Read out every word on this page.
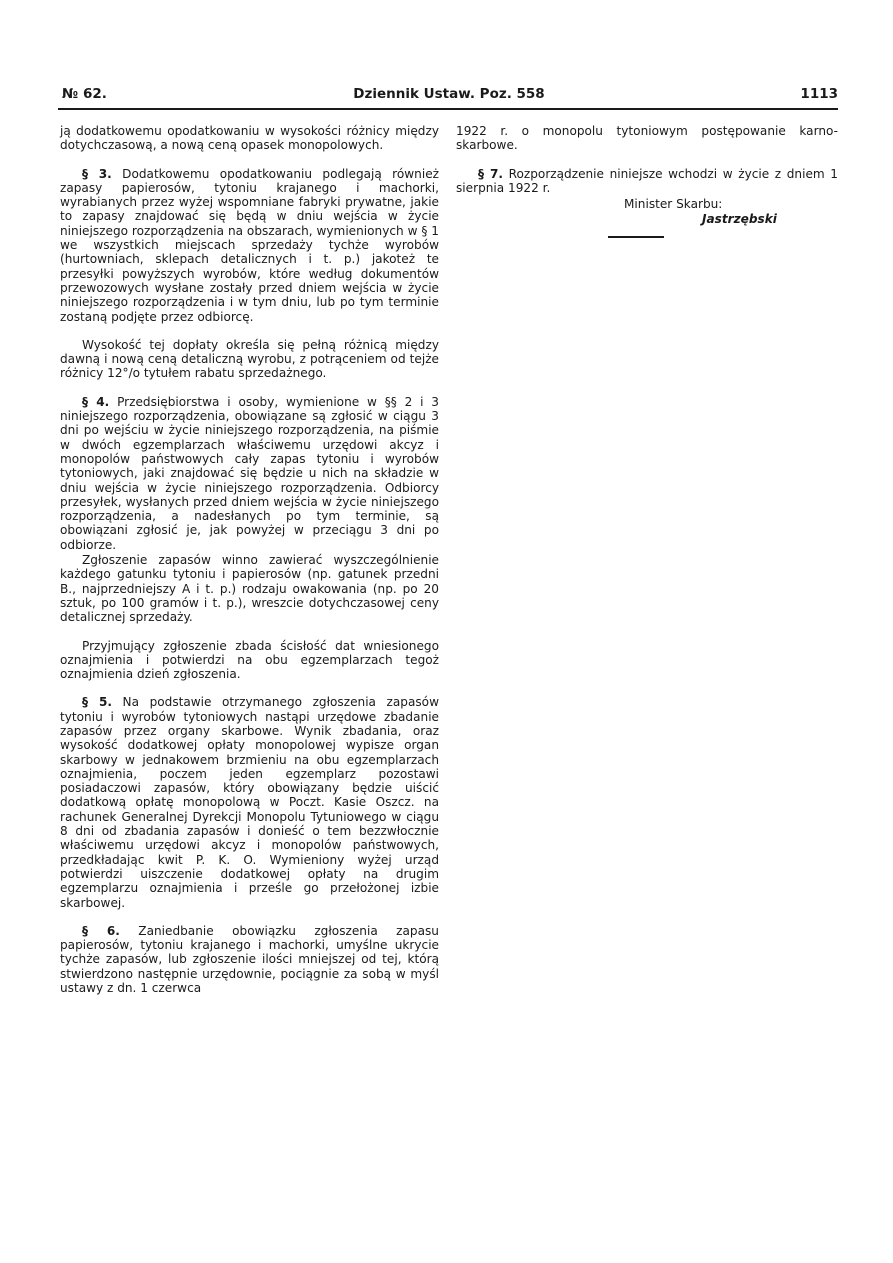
№ 62.	Dziennik Ustaw. Poz. 558	1113

ją dodatkowemu opodatkowaniu w wysokości różnicy między dotychczasową, a nową ceną opasek monopolowych.

§ 3. Dodatkowemu opodatkowaniu podlegają również zapasy papierosów, tytoniu krajanego i machorki, wyrabianych przez wyżej wspomniane fabryki prywatne, jakie to zapasy znajdować się będą w dniu wejścia w życie niniejszego rozporządzenia na obszarach, wymienionych w § 1 we wszystkich miejscach sprzedaży tychże wyrobów (hurtowniach, sklepach detalicznych i t. p.) jakoteż te przesyłki powyższych wyrobów, które według dokumentów przewozowych wysłane zostały przed dniem wejścia w życie niniejszego rozporządzenia i w tym dniu, lub po tym terminie zostaną podjęte przez odbiorcę.

Wysokość tej dopłaty określa się pełną różnicą między dawną i nową ceną detaliczną wyrobu, z potrąceniem od tejże różnicy 12°/o tytułem rabatu sprzedażnego.

§ 4. Przedsiębiorstwa i osoby, wymienione w §§ 2 i 3 niniejszego rozporządzenia, obowiązane są zgłosić w ciągu 3 dni po wejściu w życie niniejszego rozporządzenia, na piśmie w dwóch egzemplarzach właściwemu urzędowi akcyz i monopolów państwowych cały zapas tytoniu i wyrobów tytoniowych, jaki znajdować się będzie u nich na składzie w dniu wejścia w życie niniejszego rozporządzenia. Odbiorcy przesyłek, wysłanych przed dniem wejścia w życie niniejszego rozporządzenia, a nadesłanych po tym terminie, są obowiązani zgłosić je, jak powyżej w przeciągu 3 dni po odbiorze.

Zgłoszenie zapasów winno zawierać wyszczególnienie każdego gatunku tytoniu i papierosów (np. gatunek przedni B., najprzedniejszy A i t. p.) rodzaju owakowania (np. po 20 sztuk, po 100 gramów i t. p.), wreszcie dotychczasowej ceny detalicznej sprzedaży.

Przyjmujący zgłoszenie zbada ścisłość dat wniesionego oznajmienia i potwierdzi na obu egzemplarzach tegoż oznajmienia dzień zgłoszenia.

§ 5. Na podstawie otrzymanego zgłoszenia zapasów tytoniu i wyrobów tytoniowych nastąpi urzędowe zbadanie zapasów przez organy skarbowe. Wynik zbadania, oraz wysokość dodatkowej opłaty monopolowej wypisze organ skarbowy w jednakowem brzmieniu na obu egzemplarzach oznajmienia, poczem jeden egzemplarz pozostawi posiadaczowi zapasów, który obowiązany będzie uiścić dodatkową opłatę monopolową w Poczt. Kasie Oszcz. na rachunek Generalnej Dyrekcji Monopolu Tytuniowego w ciągu 8 dni od zbadania zapasów i donieść o tem bezzwłocznie właściwemu urzędowi akcyz i monopolów państwowych, przedkładając kwit P. K. O. Wymieniony wyżej urząd potwierdzi uiszczenie dodatkowej opłaty na drugim egzemplarzu oznajmienia i prześle go przełożonej izbie skarbowej.

§ 6. Zaniedbanie obowiązku zgłoszenia zapasu papierosów, tytoniu krajanego i machorki, umyślne ukrycie tychże zapasów, lub zgłoszenie ilości mniejszej od tej, którą stwierdzono następnie urzędownie, pociągnie za sobą w myśl ustawy z dn. 1 czerwca

1922 r. o monopolu tytoniowym postępowanie karno-skarbowe.

§ 7. Rozporządzenie niniejsze wchodzi w życie z dniem 1 sierpnia 1922 r.

Minister Skarbu:
Jastrzębski
